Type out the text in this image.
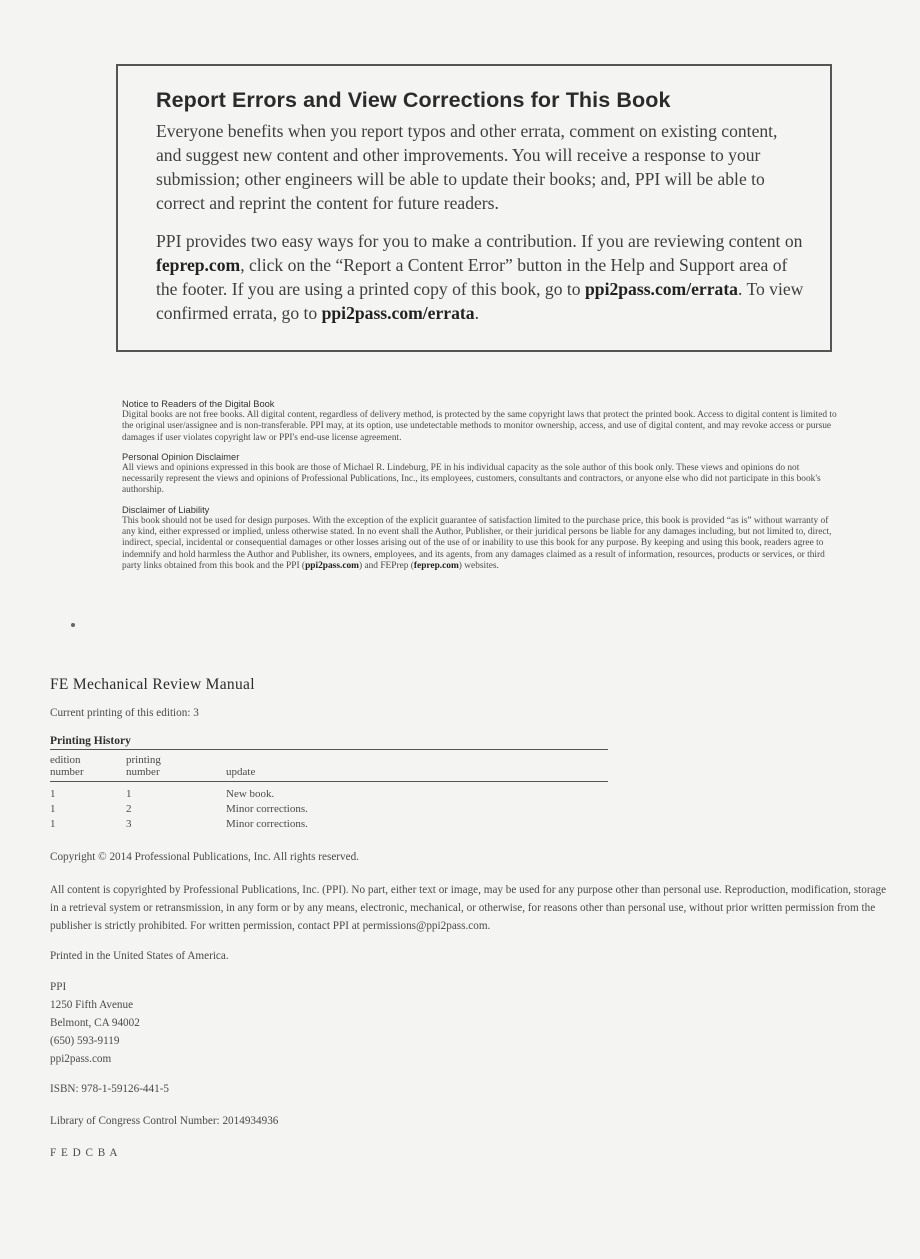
Report Errors and View Corrections for This Book

Everyone benefits when you report typos and other errata, comment on existing content, and suggest new content and other improvements. You will receive a response to your submission; other engineers will be able to update their books; and, PPI will be able to correct and reprint the content for future readers.

PPI provides two easy ways for you to make a contribution. If you are reviewing content on feprep.com, click on the “Report a Content Error” button in the Help and Support area of the footer. If you are using a printed copy of this book, go to ppi2pass.com/errata. To view confirmed errata, go to ppi2pass.com/errata.

Notice to Readers of the Digital Book

Digital books are not free books. All digital content, regardless of delivery method, is protected by the same copyright laws that protect the printed book. Access to digital content is limited to the original user/assignee and is non-transferable. PPI may, at its option, use undetectable methods to monitor ownership, access, and use of digital content, and may revoke access or pursue damages if user violates copyright law or PPI's end-use license agreement.

Personal Opinion Disclaimer

All views and opinions expressed in this book are those of Michael R. Lindeburg, PE in his individual capacity as the sole author of this book only. These views and opinions do not necessarily represent the views and opinions of Professional Publications, Inc., its employees, customers, consultants and contractors, or anyone else who did not participate in this book's authorship.

Disclaimer of Liability

This book should not be used for design purposes. With the exception of the explicit guarantee of satisfaction limited to the purchase price, this book is provided “as is” without warranty of any kind, either expressed or implied, unless otherwise stated. In no event shall the Author, Publisher, or their juridical persons be liable for any damages including, but not limited to, direct, indirect, special, incidental or consequential damages or other losses arising out of the use of or inability to use this book for any purpose. By keeping and using this book, readers agree to indemnify and hold harmless the Author and Publisher, its owners, employees, and its agents, from any damages claimed as a result of information, resources, products or services, or third party links obtained from this book and the PPI (ppi2pass.com) and FEPrep (feprep.com) websites.

FE Mechanical Review Manual

Current printing of this edition: 3

Printing History

edition	printing	
number	number	update
1	1	New book.
1	2	Minor corrections.
1	3	Minor corrections.

Copyright © 2014 Professional Publications, Inc. All rights reserved.

All content is copyrighted by Professional Publications, Inc. (PPI). No part, either text or image, may be used for any purpose other than personal use. Reproduction, modification, storage in a retrieval system or retransmission, in any form or by any means, electronic, mechanical, or otherwise, for reasons other than personal use, without prior written permission from the publisher is strictly prohibited. For written permission, contact PPI at permissions@ppi2pass.com.

Printed in the United States of America.

PPI

1250 Fifth Avenue

Belmont, CA 94002

(650) 593-9119

ppi2pass.com

ISBN: 978-1-59126-441-5

Library of Congress Control Number: 2014934936

F E D C B A
